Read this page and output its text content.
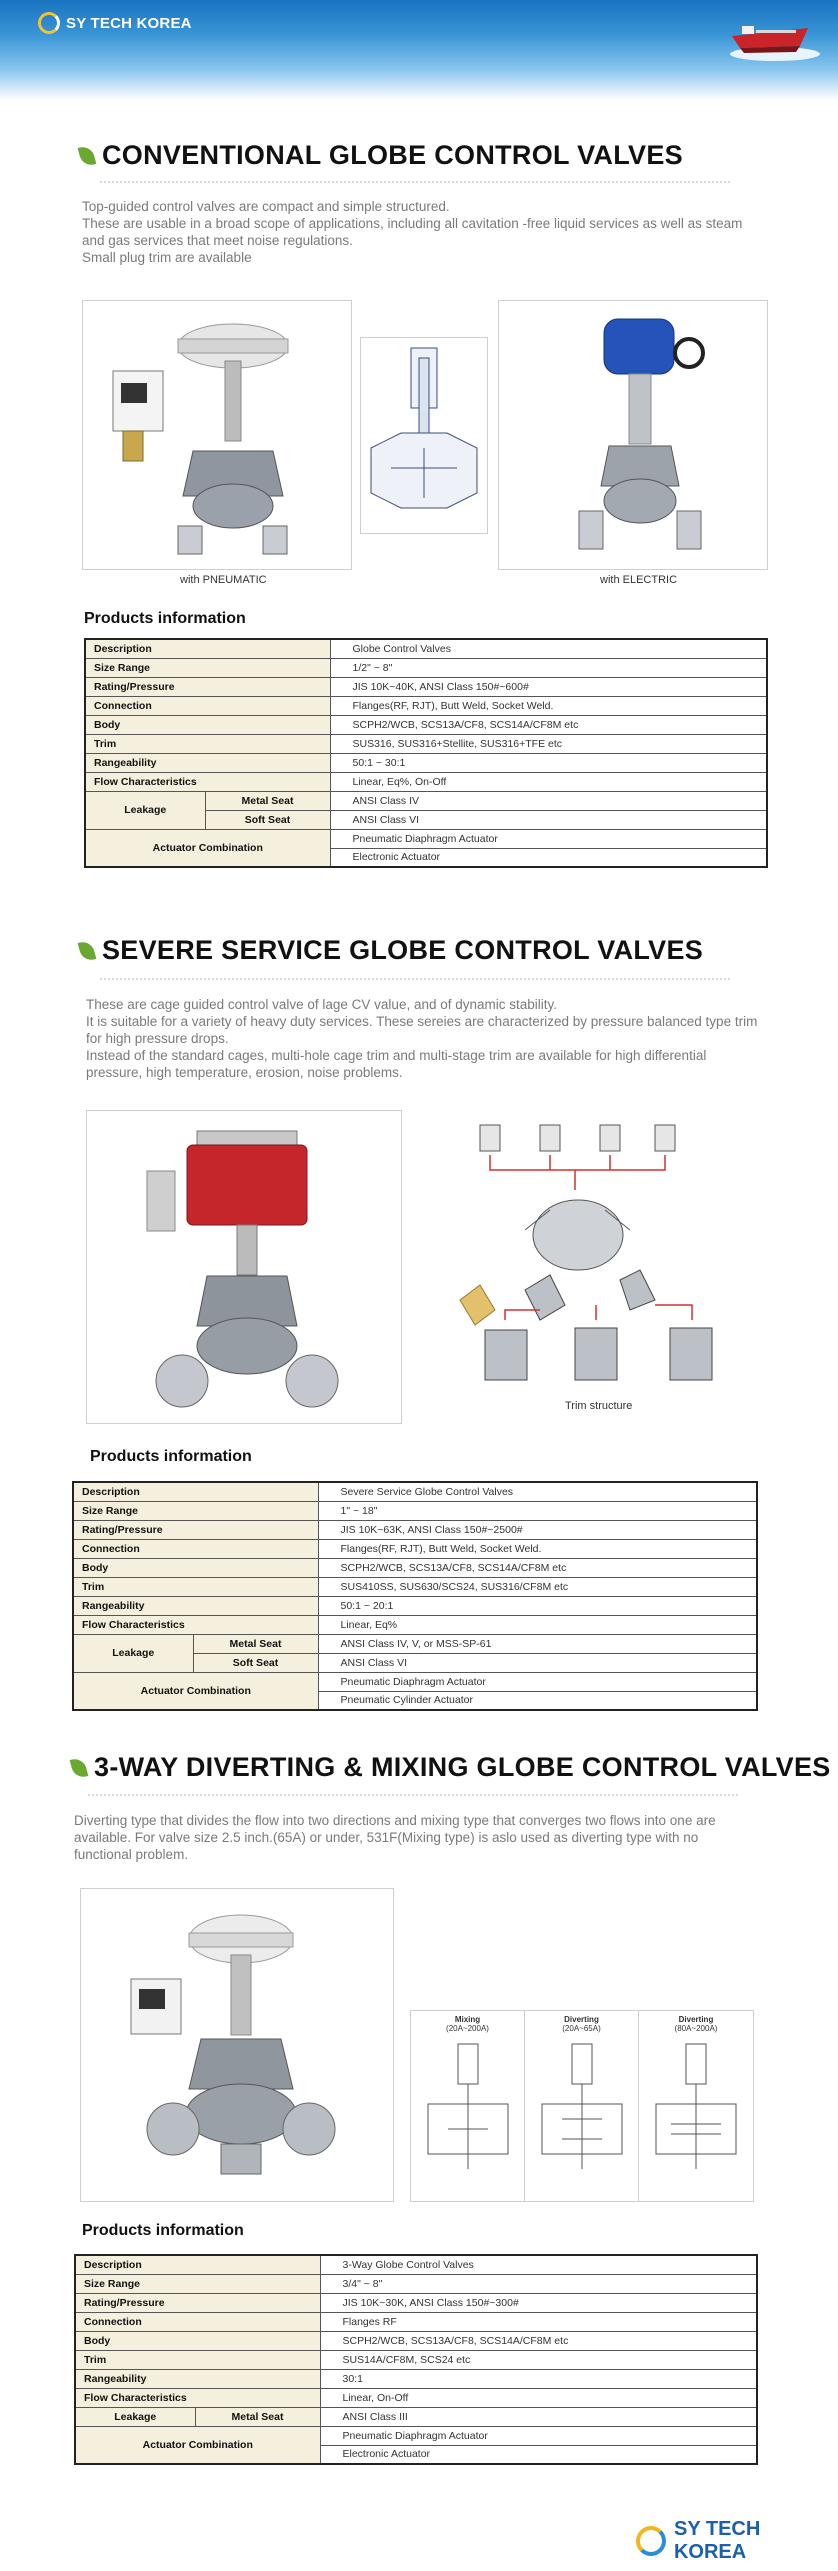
SY TECH KOREA
CONVENTIONAL GLOBE CONTROL VALVES

Top-guided control valves are compact and simple structured.

These are usable in a broad scope of applications, including all cavitation -free liquid services as well as steam and gas services that meet noise regulations.

Small plug trim are available

with PNEUMATIC	with ELECTRIC
Products information
Description		Globe Control Valves
Size Range		1/2" ~ 8"
Rating/Pressure		JIS 10K~40K, ANSI Class 150#~600#
Connection		Flanges(RF, RJT), Butt Weld, Socket Weld.
Body		SCPH2/WCB, SCS13A/CF8, SCS14A/CF8M etc
Trim		SUS316, SUS316+Stellite, SUS316+TFE etc
Rangeability		50:1 ~ 30:1
Flow Characteristics		Linear, Eq%, On-Off
Leakage	Metal Seat	ANSI Class IV
	Soft Seat	ANSI Class VI
Actuator Combination		Pneumatic Diaphragm Actuator
		Electronic Actuator
SEVERE SERVICE GLOBE CONTROL VALVES

These are cage guided control valve of lage CV value, and of dynamic stability.

It is suitable for a variety of heavy duty services. These sereies are characterized by pressure balanced type trim for high pressure drops.

Instead of the standard cages, multi-hole cage trim and multi-stage trim are available for high differential pressure, high temperature, erosion, noise problems.

Trim structure
Products information
Description		Severe Service Globe Control Valves
Size Range		1" ~ 18"
Rating/Pressure		JIS 10K~63K, ANSI Class 150#~2500#
Connection		Flanges(RF, RJT), Butt Weld, Socket Weld.
Body		SCPH2/WCB, SCS13A/CF8, SCS14A/CF8M etc
Trim		SUS410SS, SUS630/SCS24, SUS316/CF8M etc
Rangeability		50:1 ~ 20:1
Flow Characteristics		Linear, Eq%
Leakage	Metal Seat	ANSI Class IV, V, or MSS-SP-61
	Soft Seat	ANSI Class VI
Actuator Combination		Pneumatic Diaphragm Actuator
		Pneumatic Cylinder Actuator
3-WAY DIVERTING & MIXING GLOBE CONTROL VALVES

Diverting type that divides the flow into two directions and mixing type that converges two flows into one are available. For valve size 2.5 inch.(65A) or under, 531F(Mixing type) is aslo used as diverting type with no functional problem.

Mixing
(20A~200A)
Diverting
(20A~65A)
Diverting
(80A~200A)
Products information
Description		3-Way Globe Control Valves
Size Range		3/4" ~ 8"
Rating/Pressure		JIS 10K~30K, ANSI Class 150#~300#
Connection		Flanges RF
Body		SCPH2/WCB, SCS13A/CF8, SCS14A/CF8M etc
Trim		SUS14A/CF8M, SCS24 etc
Rangeability		30:1
Flow Characteristics		Linear, On-Off
Leakage	Metal Seat	ANSI Class III
Actuator Combination		Pneumatic Diaphragm Actuator
		Electronic Actuator
SY TECH KOREA
